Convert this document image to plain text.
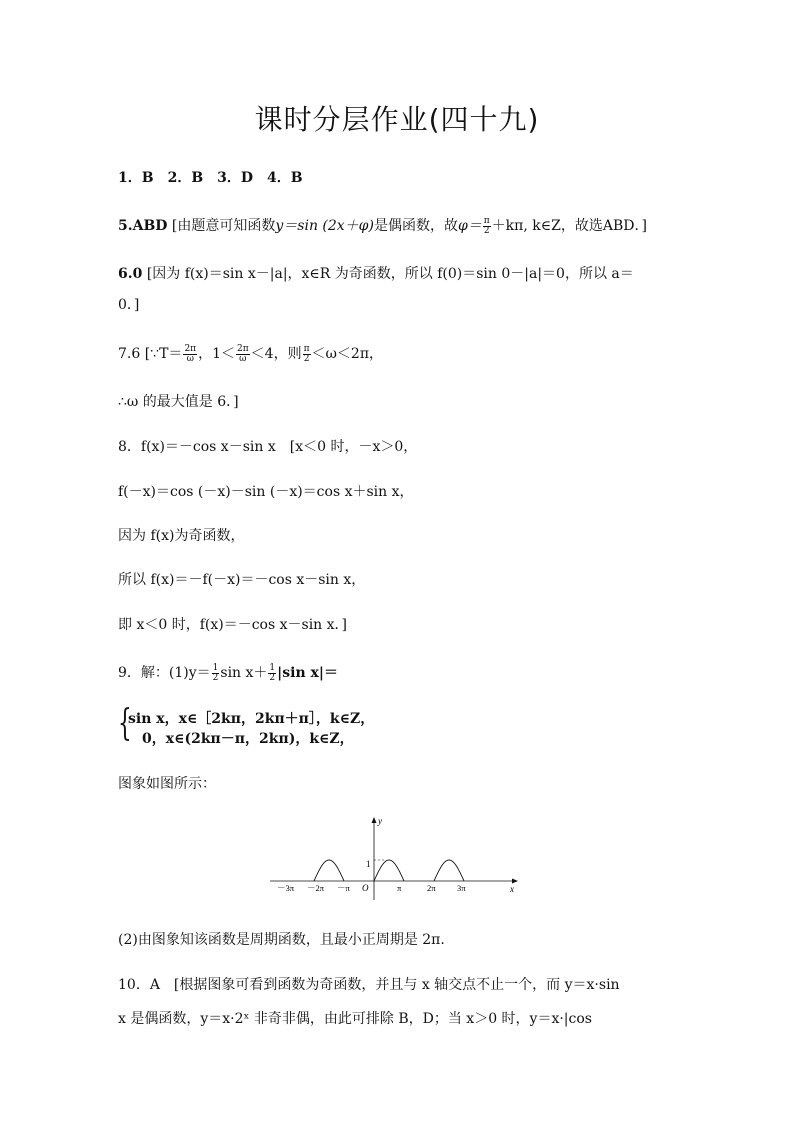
课时分层作业(四十九)
1．B　2．B　3．D　4．B
5.ABD [由题意可知函数y＝sin (2x＋φ)是偶函数，故$\varphi= \frac{\pi}{2} +k\pi$, k∈Z，故选ABD．]
6.0 [因为 f(x)＝sin x－|a|，x∈R 为奇函数，所以 f(0)＝sin 0－|a|＝0，所以 a＝
0．]
7.6 [∵T＝ $\frac{2\pi}{\omega}$ ，$1< \frac{2\pi}{\omega} <4$，则 $\frac{\pi}{2} <\omega<2\pi$，
∴ω 的最大值是 6．]
8．f(x)＝－cos x－sin x　[x＜0 时，－x＞0，
f(－x)＝cos (－x)－sin (－x)＝cos x＋sin x，
因为 f(x)为奇函数，
所以 f(x)＝－f(－x)＝－cos x－sin x，
即 x＜0 时，f(x)＝－cos x－sin x．]
9．解：$(1)y= \frac{1}{2}$ $\sin x+ \frac{1}{2} |\sin$ x|＝
{
sin x，x∈［2kπ，2kπ＋π］，k∈Z，
0，x∈(2kπ－π，2kπ)，k∈Z，
图象如图所示：
y
1
O	x
－3π －2π －π	π	2π	3π
(2)由图象知该函数是周期函数，且最小正周期是 2π.
10．A　[根据图象可看到函数为奇函数，并且与 x 轴交点不止一个，而 y＝x·sin
x 是偶函数，y＝x·2ˣ 非奇非偶，由此可排除 B，D；当 x＞0 时，y＝x·|cos
